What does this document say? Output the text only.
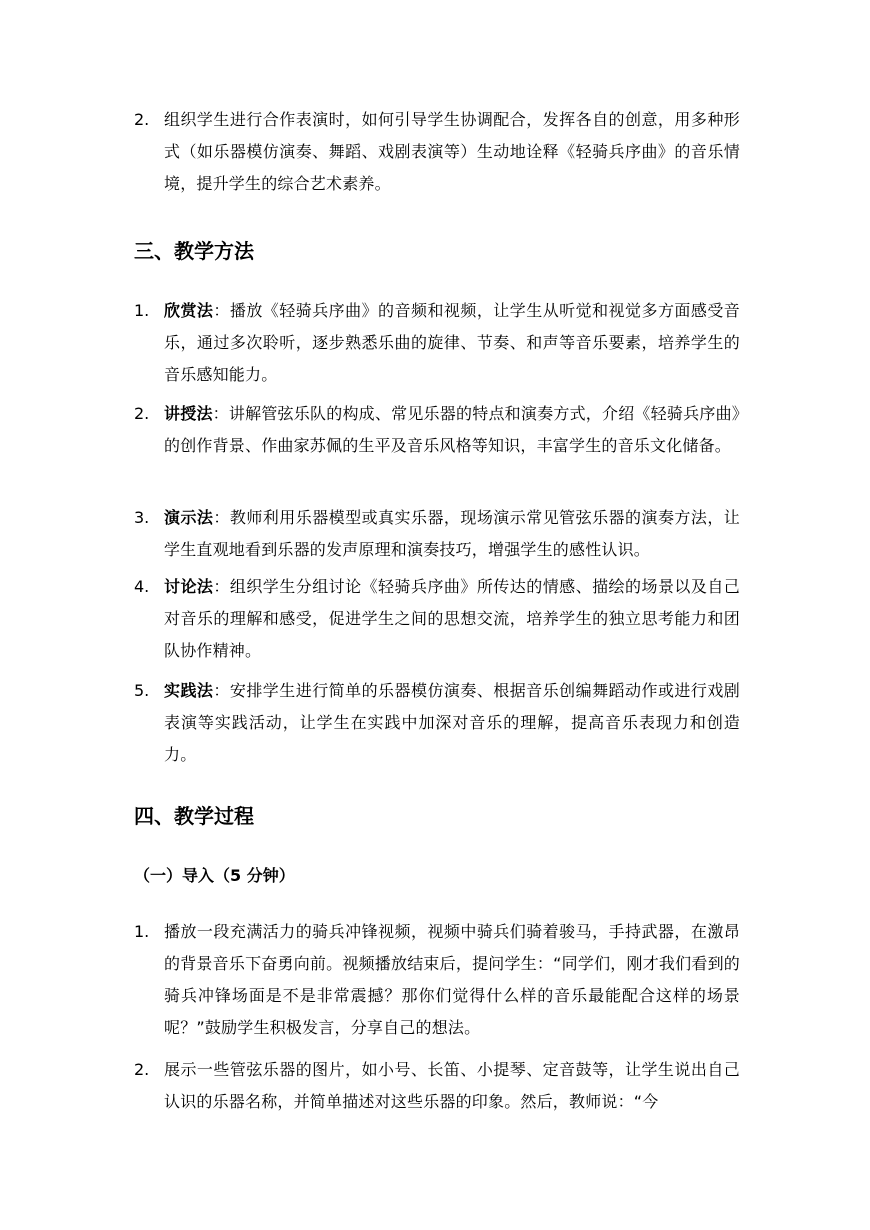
2. 组织学生进行合作表演时，如何引导学生协调配合，发挥各自的创意，用多种形式（如乐器模仿演奏、舞蹈、戏剧表演等）生动地诠释《轻骑兵序曲》的音乐情境，提升学生的综合艺术素养。
三、教学方法
1. 欣赏法：播放《轻骑兵序曲》的音频和视频，让学生从听觉和视觉多方面感受音乐，通过多次聆听，逐步熟悉乐曲的旋律、节奏、和声等音乐要素，培养学生的音乐感知能力。
2. 讲授法：讲解管弦乐队的构成、常见乐器的特点和演奏方式，介绍《轻骑兵序曲》的创作背景、作曲家苏佩的生平及音乐风格等知识，丰富学生的音乐文化储备。
3. 演示法：教师利用乐器模型或真实乐器，现场演示常见管弦乐器的演奏方法，让学生直观地看到乐器的发声原理和演奏技巧，增强学生的感性认识。
4. 讨论法：组织学生分组讨论《轻骑兵序曲》所传达的情感、描绘的场景以及自己对音乐的理解和感受，促进学生之间的思想交流，培养学生的独立思考能力和团队协作精神。
5. 实践法：安排学生进行简单的乐器模仿演奏、根据音乐创编舞蹈动作或进行戏剧表演等实践活动，让学生在实践中加深对音乐的理解，提高音乐表现力和创造力。
四、教学过程
（一）导入（5 分钟）
1. 播放一段充满活力的骑兵冲锋视频，视频中骑兵们骑着骏马，手持武器，在激昂的背景音乐下奋勇向前。视频播放结束后，提问学生：“同学们，刚才我们看到的骑兵冲锋场面是不是非常震撼？那你们觉得什么样的音乐最能配合这样的场景呢？”鼓励学生积极发言，分享自己的想法。
2. 展示一些管弦乐器的图片，如小号、长笛、小提琴、定音鼓等，让学生说出自己认识的乐器名称，并简单描述对这些乐器的印象。然后，教师说：“今
